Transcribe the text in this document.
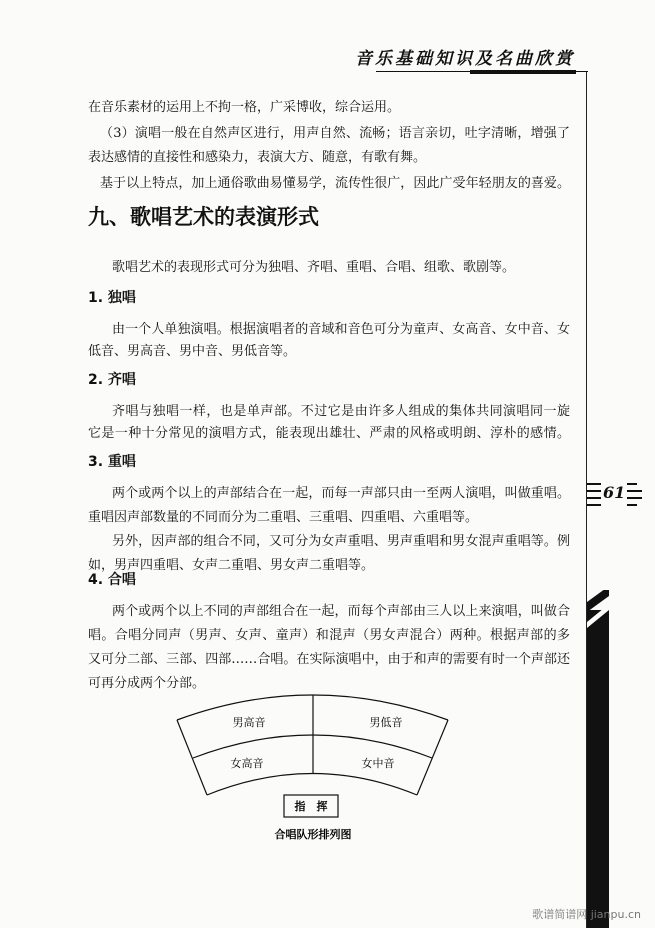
音乐基础知识及名曲欣赏
61
在音乐素材的运用上不拘一格，广采博收，综合运用。
（3）演唱一般在自然声区进行，用声自然、流畅；语言亲切，吐字清晰，增强了
表达感情的直接性和感染力，表演大方、随意，有歌有舞。
基于以上特点，加上通俗歌曲易懂易学，流传性很广，因此广受年轻朋友的喜爱。
九、歌唱艺术的表演形式
歌唱艺术的表现形式可分为独唱、齐唱、重唱、合唱、组歌、歌剧等。
1. 独唱
由一个人单独演唱。根据演唱者的音域和音色可分为童声、女高音、女中音、女
低音、男高音、男中音、男低音等。
2. 齐唱
齐唱与独唱一样，也是单声部。不过它是由许多人组成的集体共同演唱同一旋
它是一种十分常见的演唱方式，能表现出雄壮、严肃的风格或明朗、淳朴的感情。
3. 重唱
两个或两个以上的声部结合在一起，而每一声部只由一至两人演唱，叫做重唱。
重唱因声部数量的不同而分为二重唱、三重唱、四重唱、六重唱等。
另外，因声部的组合不同，又可分为女声重唱、男声重唱和男女混声重唱等。例
如，男声四重唱、女声二重唱、男女声二重唱等。
4. 合唱
两个或两个以上不同的声部组合在一起，而每个声部由三人以上来演唱，叫做合
唱。合唱分同声（男声、女声、童声）和混声（男女声混合）两种。根据声部的多
又可分二部、三部、四部……合唱。在实际演唱中，由于和声的需要有时一个声部还
可再分成两个分部。
男高音	男低音
女高音	女中音
指　挥
合唱队形排列图
歌谱简谱网 jianpu.cn
